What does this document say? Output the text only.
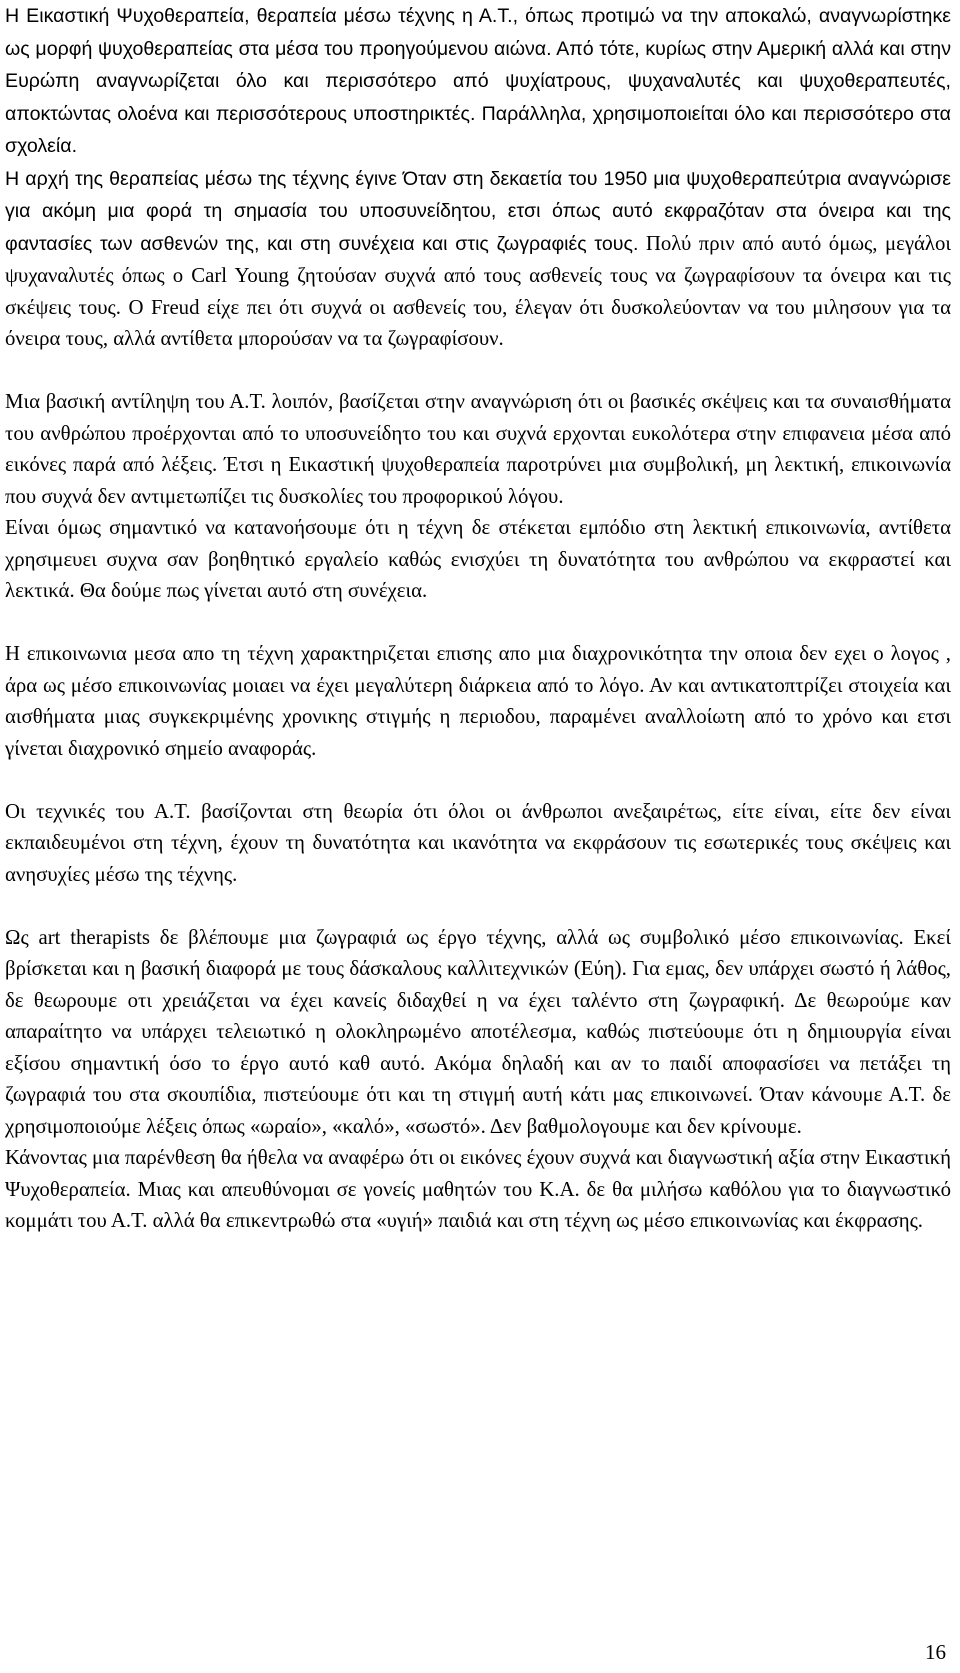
Η Εικαστική Ψυχοθεραπεία, θεραπεία μέσω τέχνης η Α.Τ., όπως προτιμώ να την αποκαλώ, αναγνωρίστηκε ως μορφή ψυχοθεραπείας στα μέσα του προηγούμενου αιώνα. Από τότε, κυρίως στην Αμερική αλλά και στην Ευρώπη αναγνωρίζεται όλο και περισσότερο από ψυχίατρους, ψυχαναλυτές και ψυχοθεραπευτές, αποκτώντας ολοένα και περισσότερους υποστηρικτές. Παράλληλα, χρησιμοποιείται όλο και περισσότερο στα σχολεία.

Η αρχή της θεραπείας μέσω της τέχνης έγινε Όταν στη δεκαετία του 1950 μια ψυχοθεραπεύτρια αναγνώρισε για ακόμη μια φορά τη σημασία του υποσυνείδητου, ετσι όπως αυτό εκφραζόταν στα όνειρα και της φαντασίες των ασθενών της, και στη συνέχεια και στις ζωγραφιές τους. Πολύ πριν από αυτό όμως, μεγάλοι ψυχαναλυτές όπως ο Carl Young ζητούσαν συχνά από τους ασθενείς τους να ζωγραφίσουν τα όνειρα και τις σκέψεις τους. Ο Freud είχε πει ότι συχνά οι ασθενείς του, έλεγαν ότι δυσκολεύονταν να του μιλησουν για τα όνειρα τους, αλλά αντίθετα μπορούσαν να τα ζωγραφίσουν.

Μια βασική αντίληψη του Α.Τ. λοιπόν, βασίζεται στην αναγνώριση ότι οι βασικές σκέψεις και τα συναισθήματα του ανθρώπου προέρχονται από το υποσυνείδητο του και συχνά ερχονται ευκολότερα στην επιφανεια μέσα από εικόνες παρά από λέξεις. Έτσι η Εικαστική ψυχοθεραπεία παροτρύνει μια συμβολική, μη λεκτική, επικοινωνία που συχνά δεν αντιμετωπίζει τις δυσκολίες του προφορικού λόγου.

Είναι όμως σημαντικό να κατανοήσουμε ότι η τέχνη δε στέκεται εμπόδιο στη λεκτική επικοινωνία, αντίθετα χρησιμευει συχνα σαν βοηθητικό εργαλείο καθώς ενισχύει τη δυνατότητα του ανθρώπου να εκφραστεί και λεκτικά. Θα δούμε πως γίνεται αυτό στη συνέχεια.

Η επικοινωνια μεσα απο τη τέχνη χαρακτηριζεται επισης απο μια διαχρονικότητα την οποια δεν εχει ο λογος , άρα ως μέσο επικοινωνίας μοιαει να έχει μεγαλύτερη διάρκεια από το λόγο. Αν και αντικατοπτρίζει στοιχεία και αισθήματα μιας συγκεκριμένης χρονικης στιγμής η περιοδου, παραμένει αναλλοίωτη από το χρόνο και ετσι γίνεται διαχρονικό σημείο αναφοράς.

Οι τεχνικές του Α.Τ. βασίζονται στη θεωρία ότι όλοι οι άνθρωποι ανεξαιρέτως, είτε είναι, είτε δεν είναι εκπαιδευμένοι στη τέχνη, έχουν τη δυνατότητα και ικανότητα να εκφράσουν τις εσωτερικές τους σκέψεις και ανησυχίες μέσω της τέχνης.

Ως art therapists δε βλέπουμε μια ζωγραφιά ως έργο τέχνης, αλλά ως συμβολικό μέσο επικοινωνίας. Εκεί βρίσκεται και η βασική διαφορά με τους δάσκαλους καλλιτεχνικών (Εύη). Για εμας, δεν υπάρχει σωστό ή λάθος, δε θεωρουμε οτι χρειάζεται να έχει κανείς διδαχθεί η να έχει ταλέντο στη ζωγραφική. Δε θεωρούμε καν απαραίτητο να υπάρχει τελειωτικό η ολοκληρωμένο αποτέλεσμα, καθώς πιστεύουμε ότι η δημιουργία είναι εξίσου σημαντική όσο το έργο αυτό καθ αυτό. Ακόμα δηλαδή και αν το παιδί αποφασίσει να πετάξει τη ζωγραφιά του στα σκουπίδια, πιστεύουμε ότι και τη στιγμή αυτή κάτι μας επικοινωνεί. Όταν κάνουμε Α.Τ. δε χρησιμοποιούμε λέξεις όπως «ωραίο», «καλό», «σωστό». Δεν βαθμολογουμε και δεν κρίνουμε.

Κάνοντας μια παρένθεση θα ήθελα να αναφέρω ότι οι εικόνες έχουν συχνά και διαγνωστική αξία στην Εικαστική Ψυχοθεραπεία. Μιας και απευθύνομαι σε γονείς μαθητών του Κ.Α. δε θα μιλήσω καθόλου για το διαγνωστικό κομμάτι του Α.Τ. αλλά θα επικεντρωθώ στα «υγιή» παιδιά και στη τέχνη ως μέσο επικοινωνίας και έκφρασης.

16
